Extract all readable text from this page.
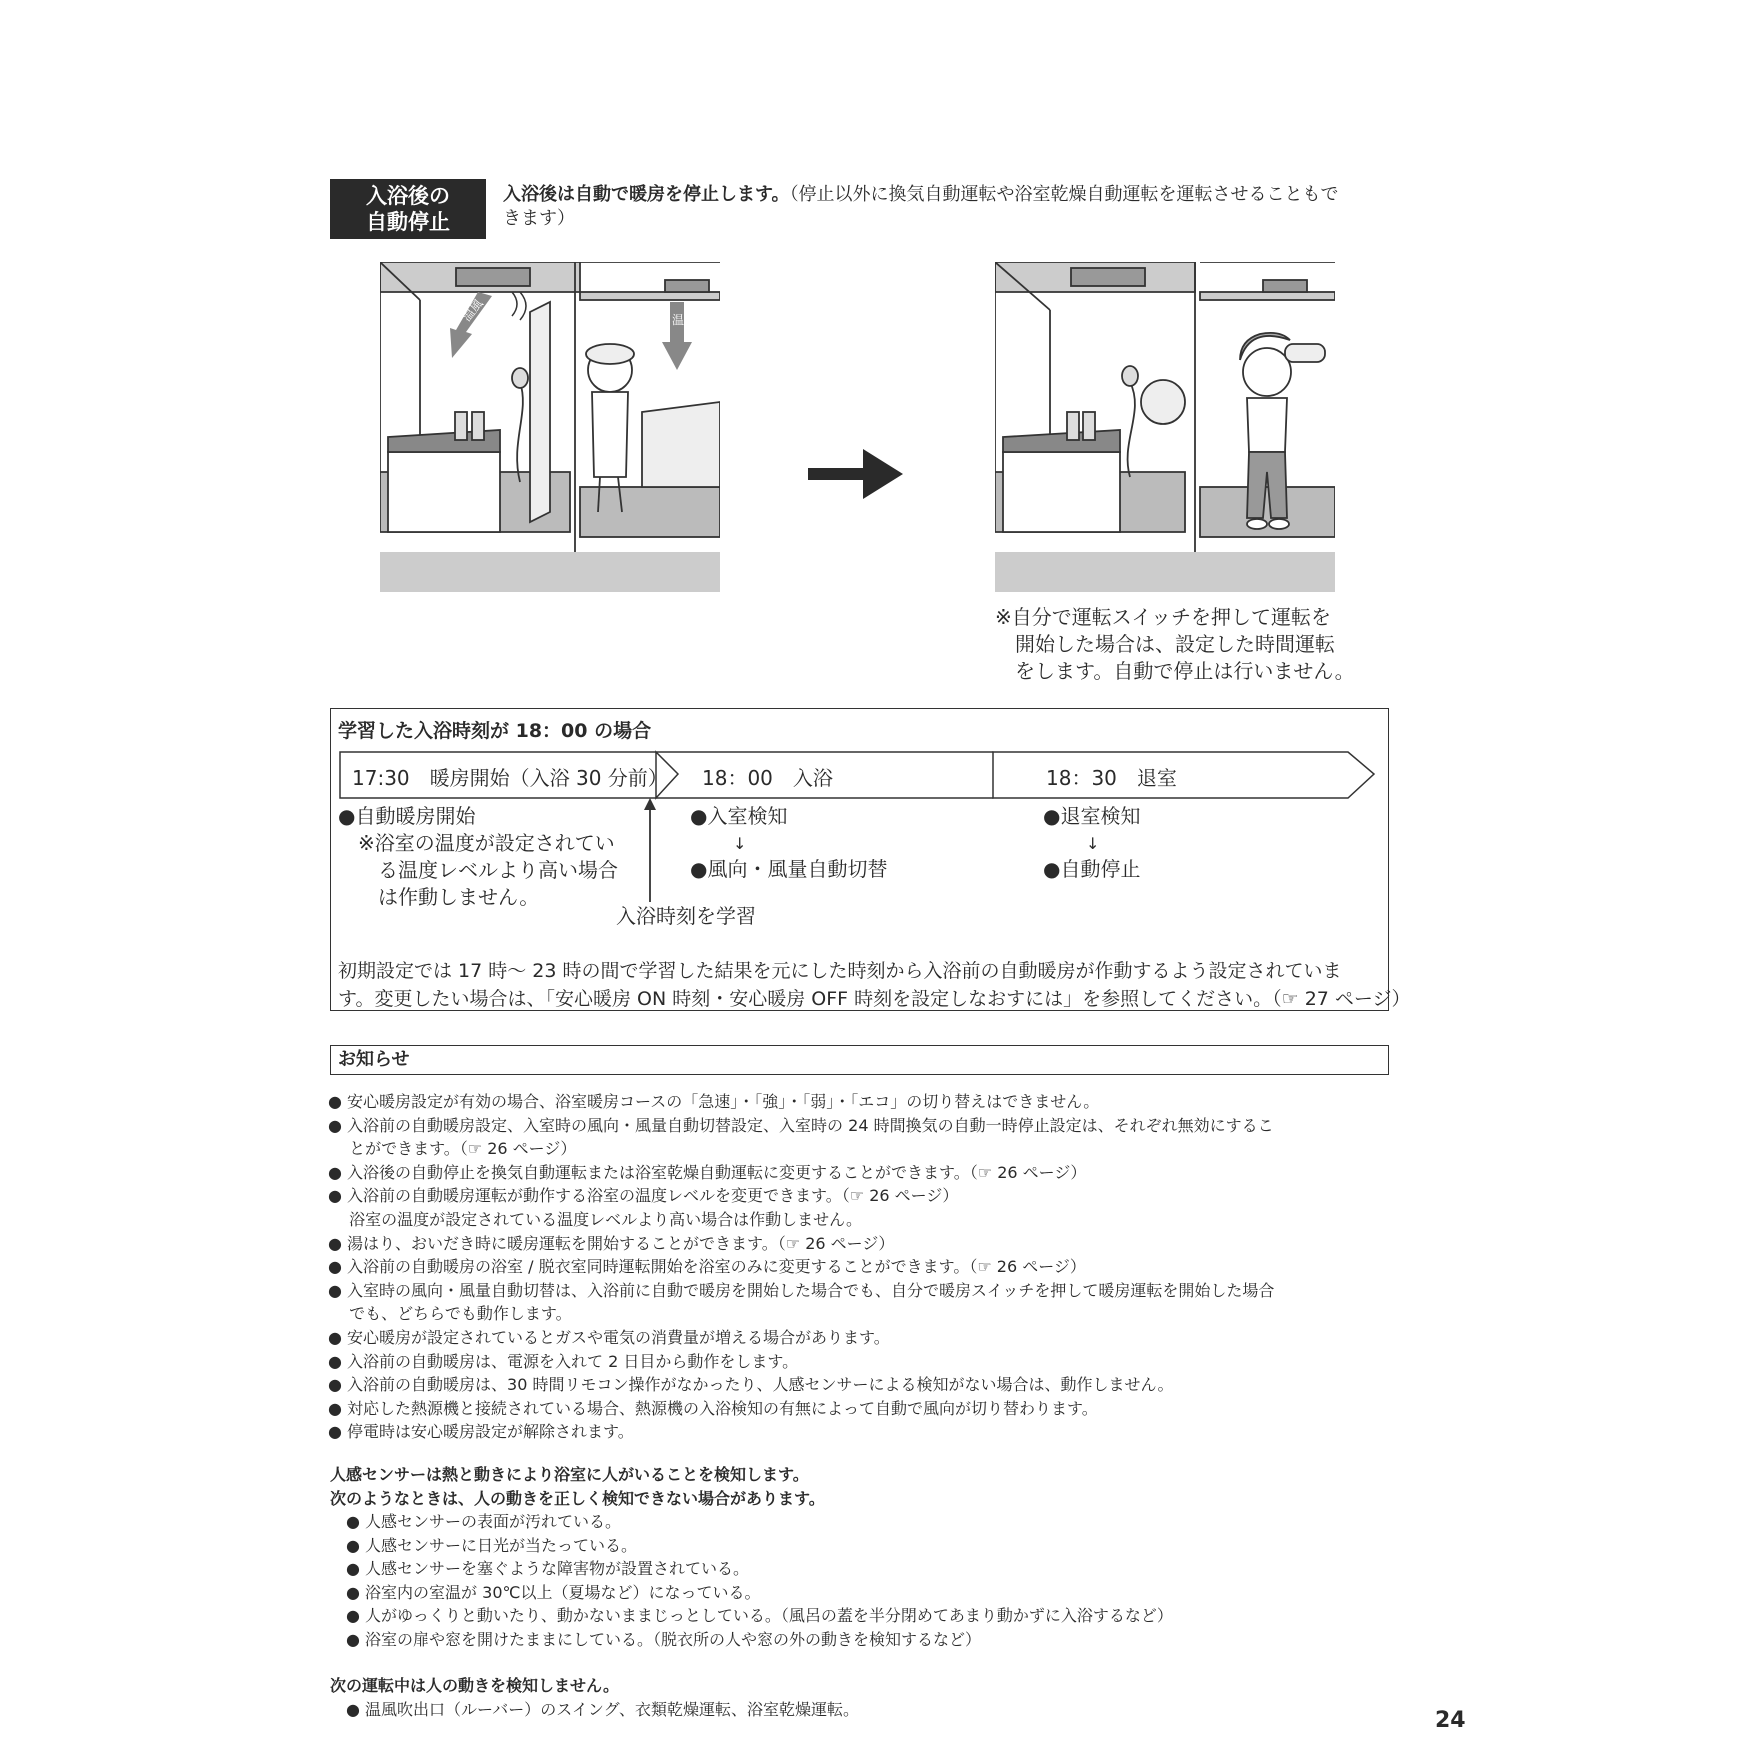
入浴後の
自動停止
入浴後は自動で暖房を停止します。（停止以外に換気自動運転や浴室乾燥自動運転を運転させることもで
きます）
温風	温風
※自分で運転スイッチを押して運転を
開始した場合は、設定した時間運転
をします。自動で停止は行いません。
学習した入浴時刻が 18：00 の場合
17:30　暖房開始（入浴 30 分前） 18：00　入浴	18：30　退室
●自動暖房開始
※浴室の温度が設定されてい
る温度レベルより高い場合
は作動しません。
入浴時刻を学習
●入室検知
↓
●風向・風量自動切替
●退室検知
↓
●自動停止
初期設定では 17 時～ 23 時の間で学習した結果を元にした時刻から入浴前の自動暖房が作動するよう設定されていま
す。変更したい場合は、「安心暖房 ON 時刻・安心暖房 OFF 時刻を設定しなおすには」を参照してください。（☞ 27 ページ）
お知らせ
● 安心暖房設定が有効の場合、浴室暖房コースの「急速」・「強」・「弱」・「エコ」の切り替えはできません。
● 入浴前の自動暖房設定、入室時の風向・風量自動切替設定、入室時の 24 時間換気の自動一時停止設定は、それぞれ無効にするこ
　 とができます。（☞ 26 ページ）
● 入浴後の自動停止を換気自動運転または浴室乾燥自動運転に変更することができます。（☞ 26 ページ）
● 入浴前の自動暖房運転が動作する浴室の温度レベルを変更できます。（☞ 26 ページ）
　 浴室の温度が設定されている温度レベルより高い場合は作動しません。
● 湯はり、おいだき時に暖房運転を開始することができます。（☞ 26 ページ）
● 入浴前の自動暖房の浴室 / 脱衣室同時運転開始を浴室のみに変更することができます。（☞ 26 ページ）
● 入室時の風向・風量自動切替は、入浴前に自動で暖房を開始した場合でも、自分で暖房スイッチを押して暖房運転を開始した場合
　 でも、どちらでも動作します。
● 安心暖房が設定されているとガスや電気の消費量が増える場合があります。
● 入浴前の自動暖房は、電源を入れて 2 日目から動作をします。
● 入浴前の自動暖房は、30 時間リモコン操作がなかったり、人感センサーによる検知がない場合は、動作しません。
● 対応した熱源機と接続されている場合、熱源機の入浴検知の有無によって自動で風向が切り替わります。
● 停電時は安心暖房設定が解除されます。
人感センサーは熱と動きにより浴室に人がいることを検知します。
次のようなときは、人の動きを正しく検知できない場合があります。
● 人感センサーの表面が汚れている。
● 人感センサーに日光が当たっている。
● 人感センサーを塞ぐような障害物が設置されている。
● 浴室内の室温が 30℃以上（夏場など）になっている。
● 人がゆっくりと動いたり、動かないままじっとしている。（風呂の蓋を半分閉めてあまり動かずに入浴するなど）
● 浴室の扉や窓を開けたままにしている。（脱衣所の人や窓の外の動きを検知するなど）
次の運転中は人の動きを検知しません。
● 温風吹出口（ルーバー）のスイング、衣類乾燥運転、浴室乾燥運転。	24
